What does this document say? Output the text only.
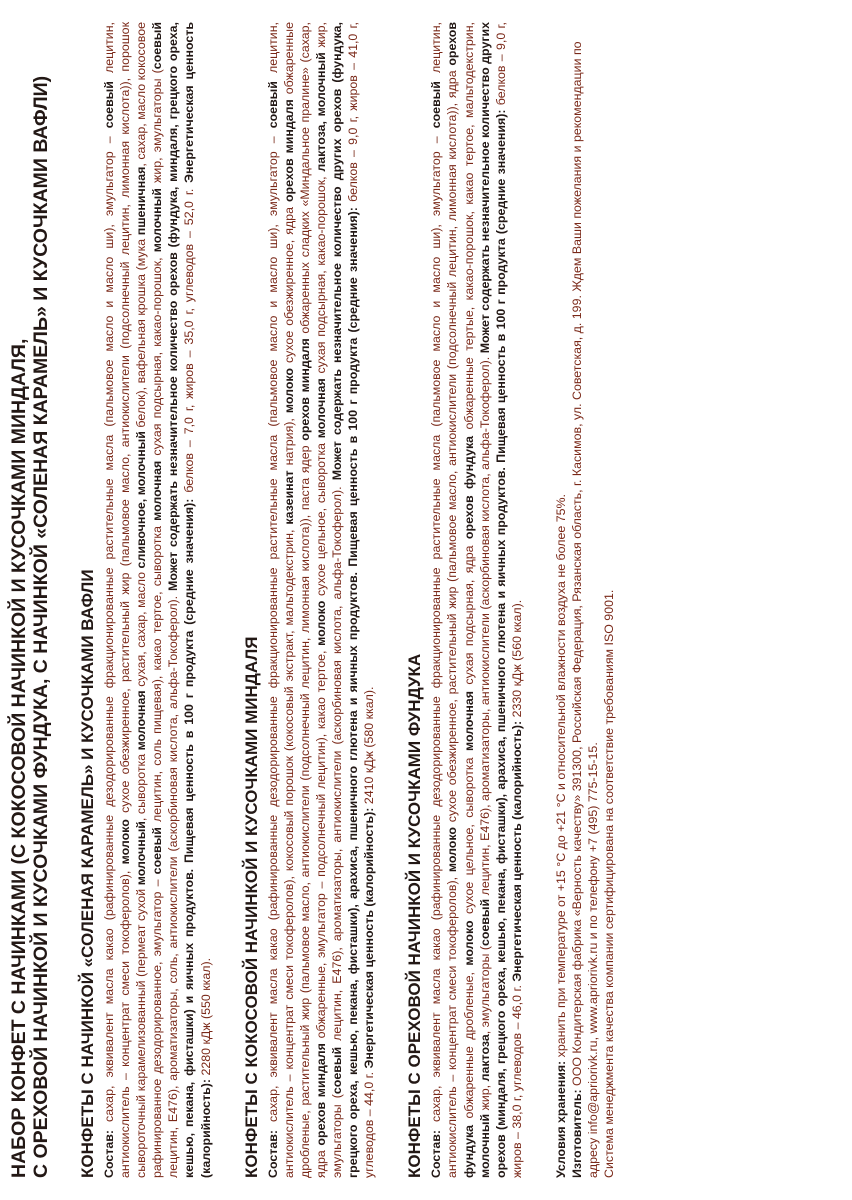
НАБОР КОНФЕТ С НАЧИНКАМИ (С КОКОСОВОЙ НАЧИНКОЙ И КУСОЧКАМИ МИНДАЛЯ, С ОРЕХОВОЙ НАЧИНКОЙ И КУСОЧКАМИ ФУНДУКА, С НАЧИНКОЙ «СОЛЕНАЯ КАРАМЕЛЬ» И КУСОЧКАМИ ВАФЛИ) КОНФЕТЫ С НАЧИНКОЙ «СОЛЕНАЯ КАРАМЕЛЬ» И КУСОЧКАМИ ВАФЛИ Состав: сахар, эквивалент масла какао (рафинированные дезодорированные фракционированные растительные масла (пальмовое масло и масло ши), эмульгатор – соевый лецитин, антиокислитель – концентрат смеси токоферолов), молоко сухое обезжиренное, растительный жир (пальмовое масло, антиокислители (подсолнечный лецитин, лимонная кислота)), порошок сывороточный карамелизованный (пермеат сухой молочный, сыворотка молочная сухая, сахар, масло сливочное, молочный белок), вафельная крошка (мука пшеничная, сахар, масло кокосовое рафинированное дезодорированное, эмульгатор – соевый лецитин, соль пищевая), какао тертое, сыворотка молочная сухая подсырная, какао-порошок, молочный жир, эмульгаторы (соевый лецитин, Е476), ароматизаторы, соль, антиокислители (аскорбиновая кислота, альфа-Токоферол). Может содержать незначительное количество орехов (фундука, миндаля, грецкого ореха, кешью, пекана, фисташки) и яичных продуктов. Пищевая ценность в 100 г продукта (средние значения): белков – 7,0 г, жиров – 35,0 г, углеводов – 52,0 г. Энергетическая ценность (калорийность): 2280 кДж (550 ккал). КОНФЕТЫ С КОКОСОВОЙ НАЧИНКОЙ И КУСОЧКАМИ МИНДАЛЯ Состав: сахар, эквивалент масла какао (рафинированные дезодорированные фракционированные растительные масла (пальмовое масло и масло ши), эмульгатор – соевый лецитин, антиокислитель – концентрат смеси токоферолов), кокосовый порошок (кокосовый экстракт, мальтодекстрин, казеинат натрия), молоко сухое обезжиренное, ядра орехов миндаля обжаренные дробленые, растительный жир (пальмовое масло, антиокислители (подсолнечный лецитин, лимонная кислота)), паста ядер орехов миндаля обжаренных сладких «Миндальное пралине» (сахар, ядра орехов миндаля обжаренные, эмульгатор – подсолнечный лецитин), какао тертое, молоко сухое цельное, сыворотка молочная сухая подсырная, какао-порошок, лактоза, молочный жир, эмульгаторы (соевый лецитин, Е476), ароматизаторы, антиокислители (аскорбиновая кислота, альфа-Токоферол). Может содержать незначительное количество других орехов (фундука, грецкого ореха, кешью, пекана, фисташки), арахиса, пшеничного глютена и яичных продуктов. Пищевая ценность в 100 г продукта (средние значения): белков – 9,0 г, жиров – 41,0 г, углеводов – 44,0 г. Энергетическая ценность (калорийность): 2410 кДж (580 ккал). КОНФЕТЫ С ОРЕХОВОЙ НАЧИНКОЙ И КУСОЧКАМИ ФУНДУКА Состав: сахар, эквивалент масла какао (рафинированные дезодорированные фракционированные растительные масла (пальмовое масло и масло ши), эмульгатор – соевый лецитин, антиокислитель – концентрат смеси токоферолов), молоко сухое обезжиренное, растительный жир (пальмовое масло, антиокислители (подсолнечный лецитин, лимонная кислота)), ядра орехов фундука обжаренные дробленые, молоко сухое цельное, сыворотка молочная сухая подсырная, ядра орехов фундука обжаренные тертые, какао-порошок, какао тертое, мальтодекстрин, молочный жир, лактоза, эмульгаторы (соевый лецитин, Е476), ароматизаторы, антиокислители (аскорбиновая кислота, альфа-Токоферол). Может содержать незначительное количество других орехов (миндаля, грецкого ореха, кешью, пекана, фисташки), арахиса, пшеничного глютена и яичных продуктов. Пищевая ценность в 100 г продукта (средние значения): белков – 9,0 г, жиров – 38,0 г, углеводов – 46,0 г. Энергетическая ценность (калорийность): 2330 кДж (560 ккал).

Условия хранения: хранить при температуре от +15 °С до +21 °С и относительной влажности воздуха не более 75%.

Изготовитель: ООО Кондитерская фабрика «Верность качеству» 391300, Российская Федерация, Рязанская область, г. Касимов, ул. Советская, д. 199. Ждем Ваши пожелания и рекомендации по адресу info@apriorivk.ru, www.apriorivk.ru и по телефону +7 (495) 775-15-15. Система менеджмента качества компании сертифицирована на соответствие требованиям ISO 9001.
